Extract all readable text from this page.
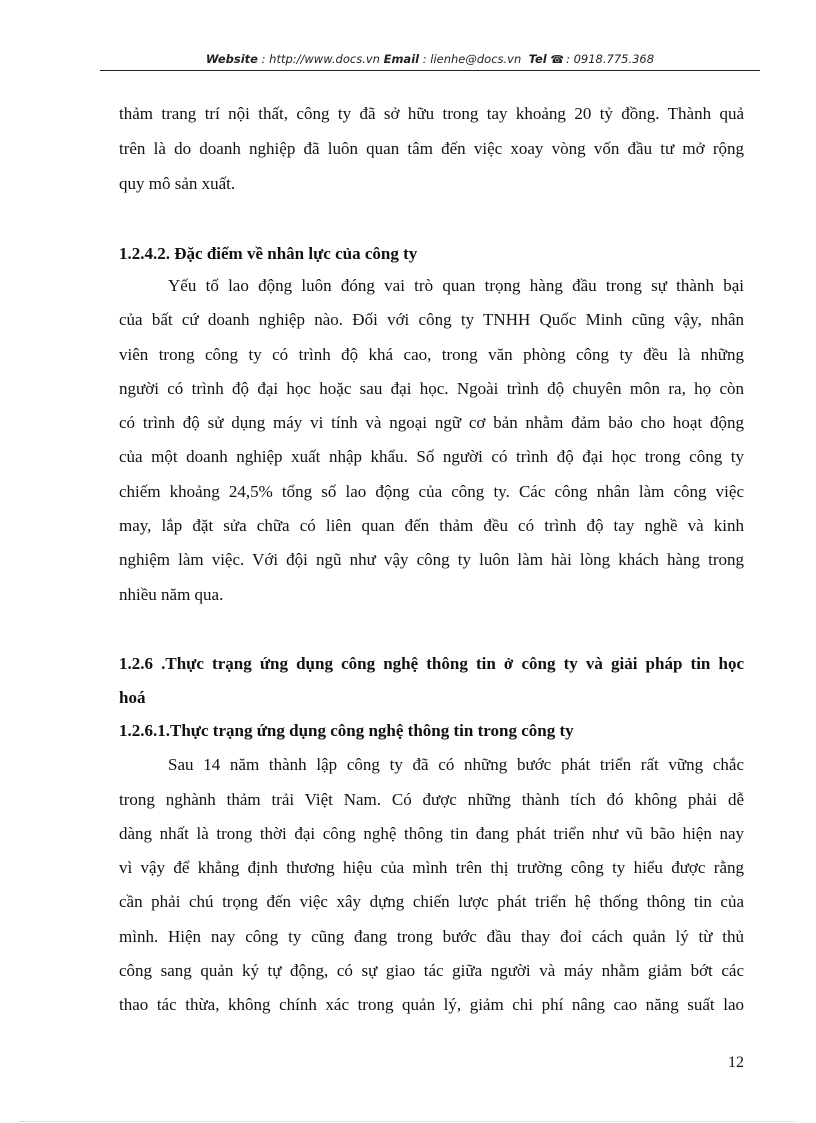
Website : http://www.docs.vn Email : lienhe@docs.vn  Tel ☎ : 0918.775.368
thảm trang trí nội thất, công ty đã sở hữu trong tay khoảng 20 tỷ đồng. Thành quả
trên là do doanh nghiệp đã luôn quan tâm đến việc xoay vòng vốn đầu tư mở rộng
quy mô sản xuất.
1.2.4.2. Đặc điểm về nhân lực của công ty
Yếu tố lao động luôn đóng vai trò quan trọng hàng đầu trong sự thành bại
của bất cứ doanh nghiệp nào. Đối với công ty TNHH Quốc Minh cũng vậy, nhân
viên trong công ty có trình độ khá cao, trong văn phòng công ty đều là những
người có trình độ đại học hoặc sau đại học. Ngoài trình độ chuyên môn ra, họ còn
có trình độ sử dụng máy vi tính và ngoại ngữ cơ bản nhằm đảm bảo cho hoạt động
của một doanh nghiệp xuất nhập khẩu. Số người có trình độ đại học trong công ty
chiếm khoảng 24,5% tổng số lao động của công ty. Các công nhân làm công việc
may, lắp đặt sửa chữa có liên quan đến thảm đều có trình độ tay nghề và kinh
nghiệm làm việc. Với đội ngũ như vậy công ty luôn làm hài lòng khách hàng trong
nhiều năm qua.
1.2.6 .Thực trạng ứng dụng công nghệ thông tin ở công ty và giải pháp tin học
hoá
1.2.6.1.Thực trạng ứng dụng công nghệ thông tin trong công ty
Sau 14 năm thành lập công ty đã có những bước phát triển rất vững chắc
trong nghành thảm trải Việt Nam. Có được những thành tích đó không phải dễ
dàng nhất là trong thời đại công nghệ thông tin đang phát triển như vũ bão hiện nay
vì vậy để khẳng định thương hiệu của mình trên thị trường công ty hiểu được rằng
cần phải chú trọng đến việc xây dựng chiến lược phát triển hệ thống thông tin của
mình. Hiện nay công ty cũng đang trong bước đầu thay đoỉ cách quản lý từ thủ
công sang quản ký tự động, có sự giao tác giữa người và máy nhằm giảm bớt các
thao tác thừa, không chính xác trong quản lý, giảm chi phí nâng cao năng suất lao
12
